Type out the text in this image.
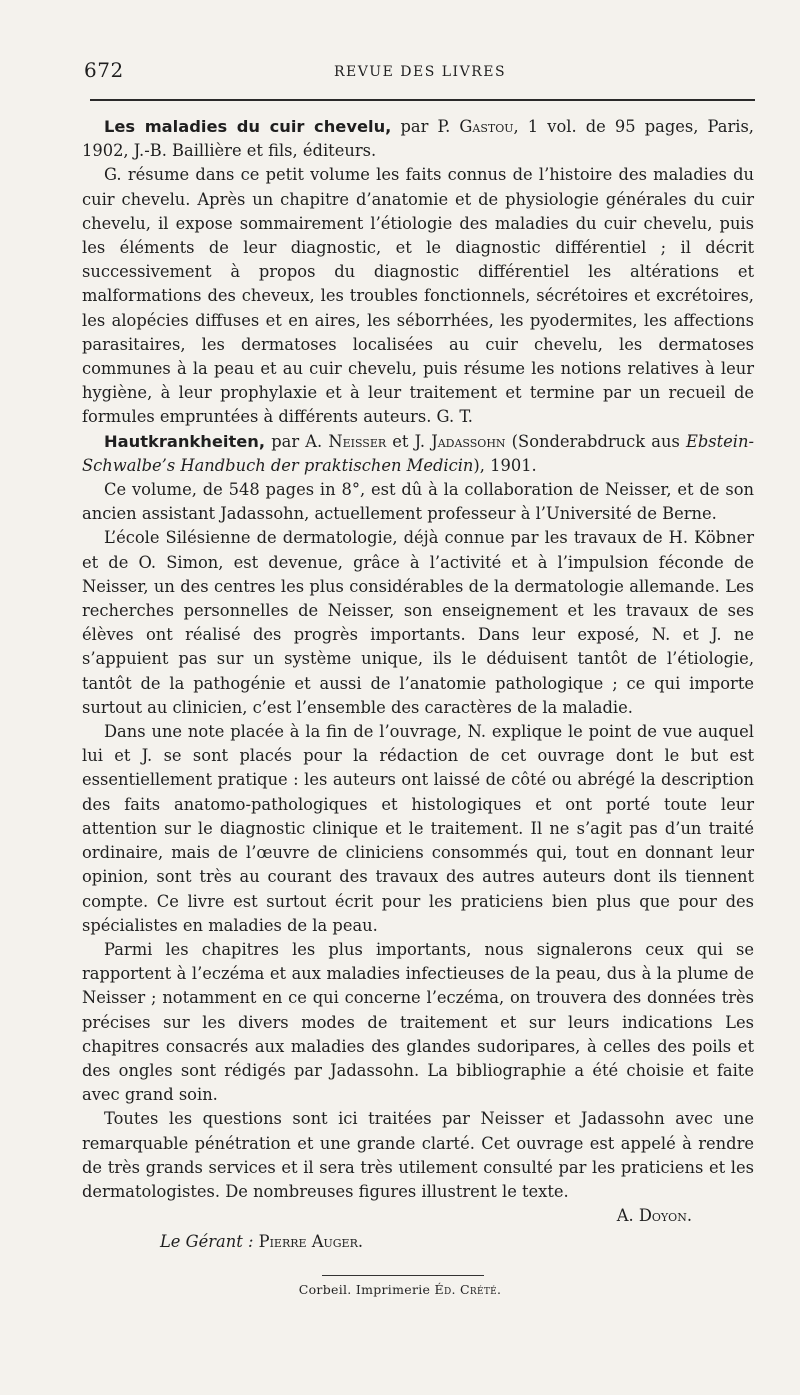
672	REVUE DES LIVRES

Les maladies du cuir chevelu, par P. Gastou, 1 vol. de 95 pages, Paris, 1902, J.-B. Baillière et fils, éditeurs.

G. résume dans ce petit volume les faits connus de l’histoire des maladies du cuir chevelu. Après un chapitre d’anatomie et de physiologie générales du cuir chevelu, il expose sommairement l’étiologie des maladies du cuir chevelu, puis les éléments de leur diagnostic, et le diagnostic différentiel ; il décrit successivement à propos du diagnostic différentiel les altérations et malformations des cheveux, les troubles fonctionnels, sécrétoires et excrétoires, les alopécies diffuses et en aires, les séborrhées, les pyodermites, les affections parasitaires, les dermatoses localisées au cuir chevelu, les dermatoses communes à la peau et au cuir chevelu, puis résume les notions relatives à leur hygiène, à leur prophylaxie et à leur traitement et termine par un recueil de formules empruntées à différents auteurs. G. T.

Hautkrankheiten, par A. Neisser et J. Jadassohn (Sonderabdruck aus Ebstein-Schwalbe’s Handbuch der praktischen Medicin), 1901.

Ce volume, de 548 pages in 8°, est dû à la collaboration de Neisser, et de son ancien assistant Jadassohn, actuellement professeur à l’Université de Berne.

L’école Silésienne de dermatologie, déjà connue par les travaux de H. Köbner et de O. Simon, est devenue, grâce à l’activité et à l’impulsion féconde de Neisser, un des centres les plus considérables de la dermatologie allemande. Les recherches personnelles de Neisser, son enseignement et les travaux de ses élèves ont réalisé des progrès importants. Dans leur exposé, N. et J. ne s’appuient pas sur un système unique, ils le déduisent tantôt de l’étiologie, tantôt de la pathogénie et aussi de l’anatomie pathologique ; ce qui importe surtout au clinicien, c’est l’ensemble des caractères de la maladie.

Dans une note placée à la fin de l’ouvrage, N. explique le point de vue auquel lui et J. se sont placés pour la rédaction de cet ouvrage dont le but est essentiellement pratique : les auteurs ont laissé de côté ou abrégé la description des faits anatomo-pathologiques et histologiques et ont porté toute leur attention sur le diagnostic clinique et le traitement. Il ne s’agit pas d’un traité ordinaire, mais de l’œuvre de cliniciens consommés qui, tout en donnant leur opinion, sont très au courant des travaux des autres auteurs dont ils tiennent compte. Ce livre est surtout écrit pour les praticiens bien plus que pour des spécialistes en maladies de la peau.

Parmi les chapitres les plus importants, nous signalerons ceux qui se rapportent à l’eczéma et aux maladies infectieuses de la peau, dus à la plume de Neisser ; notamment en ce qui concerne l’eczéma, on trouvera des données très précises sur les divers modes de traitement et sur leurs indications Les chapitres consacrés aux maladies des glandes sudoripares, à celles des poils et des ongles sont rédigés par Jadassohn. La bibliographie a été choisie et faite avec grand soin.

Toutes les questions sont ici traitées par Neisser et Jadassohn avec une remarquable pénétration et une grande clarté. Cet ouvrage est appelé à rendre de très grands services et il sera très utilement consulté par les praticiens et les dermatologistes. De nombreuses figures illustrent le texte.

A. Doyon.

Le Gérant : Pierre Auger.

Corbeil. Imprimerie Éd. Crété.
